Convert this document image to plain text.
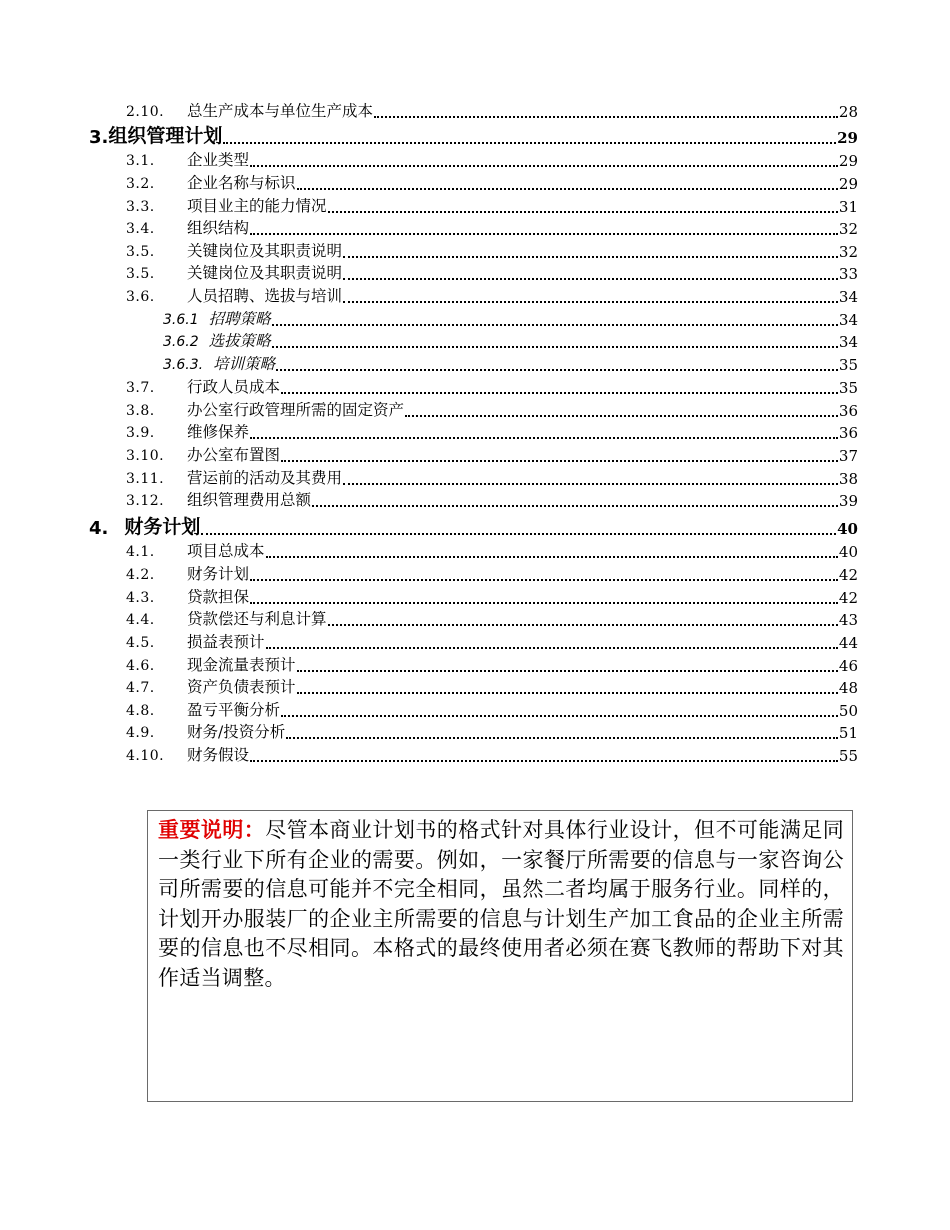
2.10. 总生产成本与单位生产成本	28
3. 组织管理计划	29
3.1. 企业类型	29
3.2. 企业名称与标识	29
3.3. 项目业主的能力情况	31
3.4. 组织结构	32
3.5. 关键岗位及其职责说明	32
3.5. 关键岗位及其职责说明	33
3.6. 人员招聘、选拔与培训	34
3.6.1 招聘策略	34
3.6.2 选拔策略	34
3.6.3. 培训策略	35
3.7. 行政人员成本	35
3.8. 办公室行政管理所需的固定资产	36
3.9. 维修保养	36
3.10. 办公室布置图	37
3.11. 营运前的活动及其费用	38
3.12. 组织管理费用总额	39
4. 财务计划	40
4.1. 项目总成本	40
4.2. 财务计划	42
4.3. 贷款担保	42
4.4. 贷款偿还与利息计算	43
4.5. 损益表预计	44
4.6. 现金流量表预计	46
4.7. 资产负债表预计	48
4.8. 盈亏平衡分析	50
4.9. 财务/投资分析	51
4.10. 财务假设	55
重要说明：尽管本商业计划书的格式针对具体行业设计，但不可能满足同一类行业下所有企业的需要。例如，一家餐厅所需要的信息与一家咨询公司所需要的信息可能并不完全相同，虽然二者均属于服务行业。同样的，计划开办服装厂的企业主所需要的信息与计划生产加工食品的企业主所需要的信息也不尽相同。本格式的最终使用者必须在赛飞教师的帮助下对其作适当调整。
